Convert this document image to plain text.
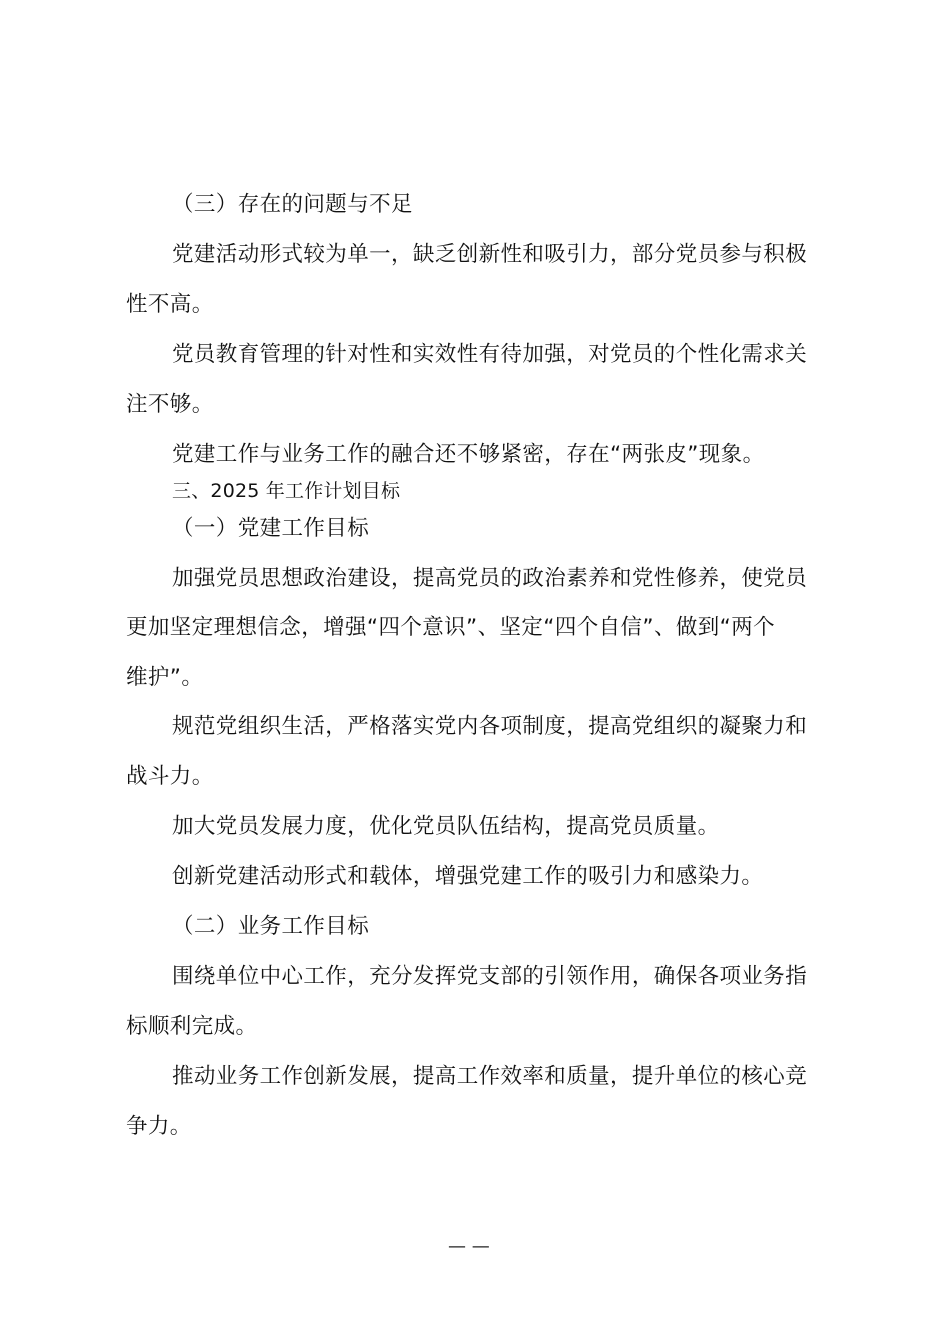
（三）存在的问题与不足
党建活动形式较为单一，缺乏创新性和吸引力，部分党员参与积极
性不高。
党员教育管理的针对性和实效性有待加强，对党员的个性化需求关
注不够。
党建工作与业务工作的融合还不够紧密，存在“两张皮”现象。
三、2025 年工作计划目标
（一）党建工作目标
加强党员思想政治建设，提高党员的政治素养和党性修养，使党员
更加坚定理想信念，增强“四个意识”、坚定“四个自信”、做到“两个
维护”。
规范党组织生活，严格落实党内各项制度，提高党组织的凝聚力和
战斗力。
加大党员发展力度，优化党员队伍结构，提高党员质量。
创新党建活动形式和载体，增强党建工作的吸引力和感染力。
（二）业务工作目标
围绕单位中心工作，充分发挥党支部的引领作用，确保各项业务指
标顺利完成。
推动业务工作创新发展，提高工作效率和质量，提升单位的核心竞
争力。
— —
